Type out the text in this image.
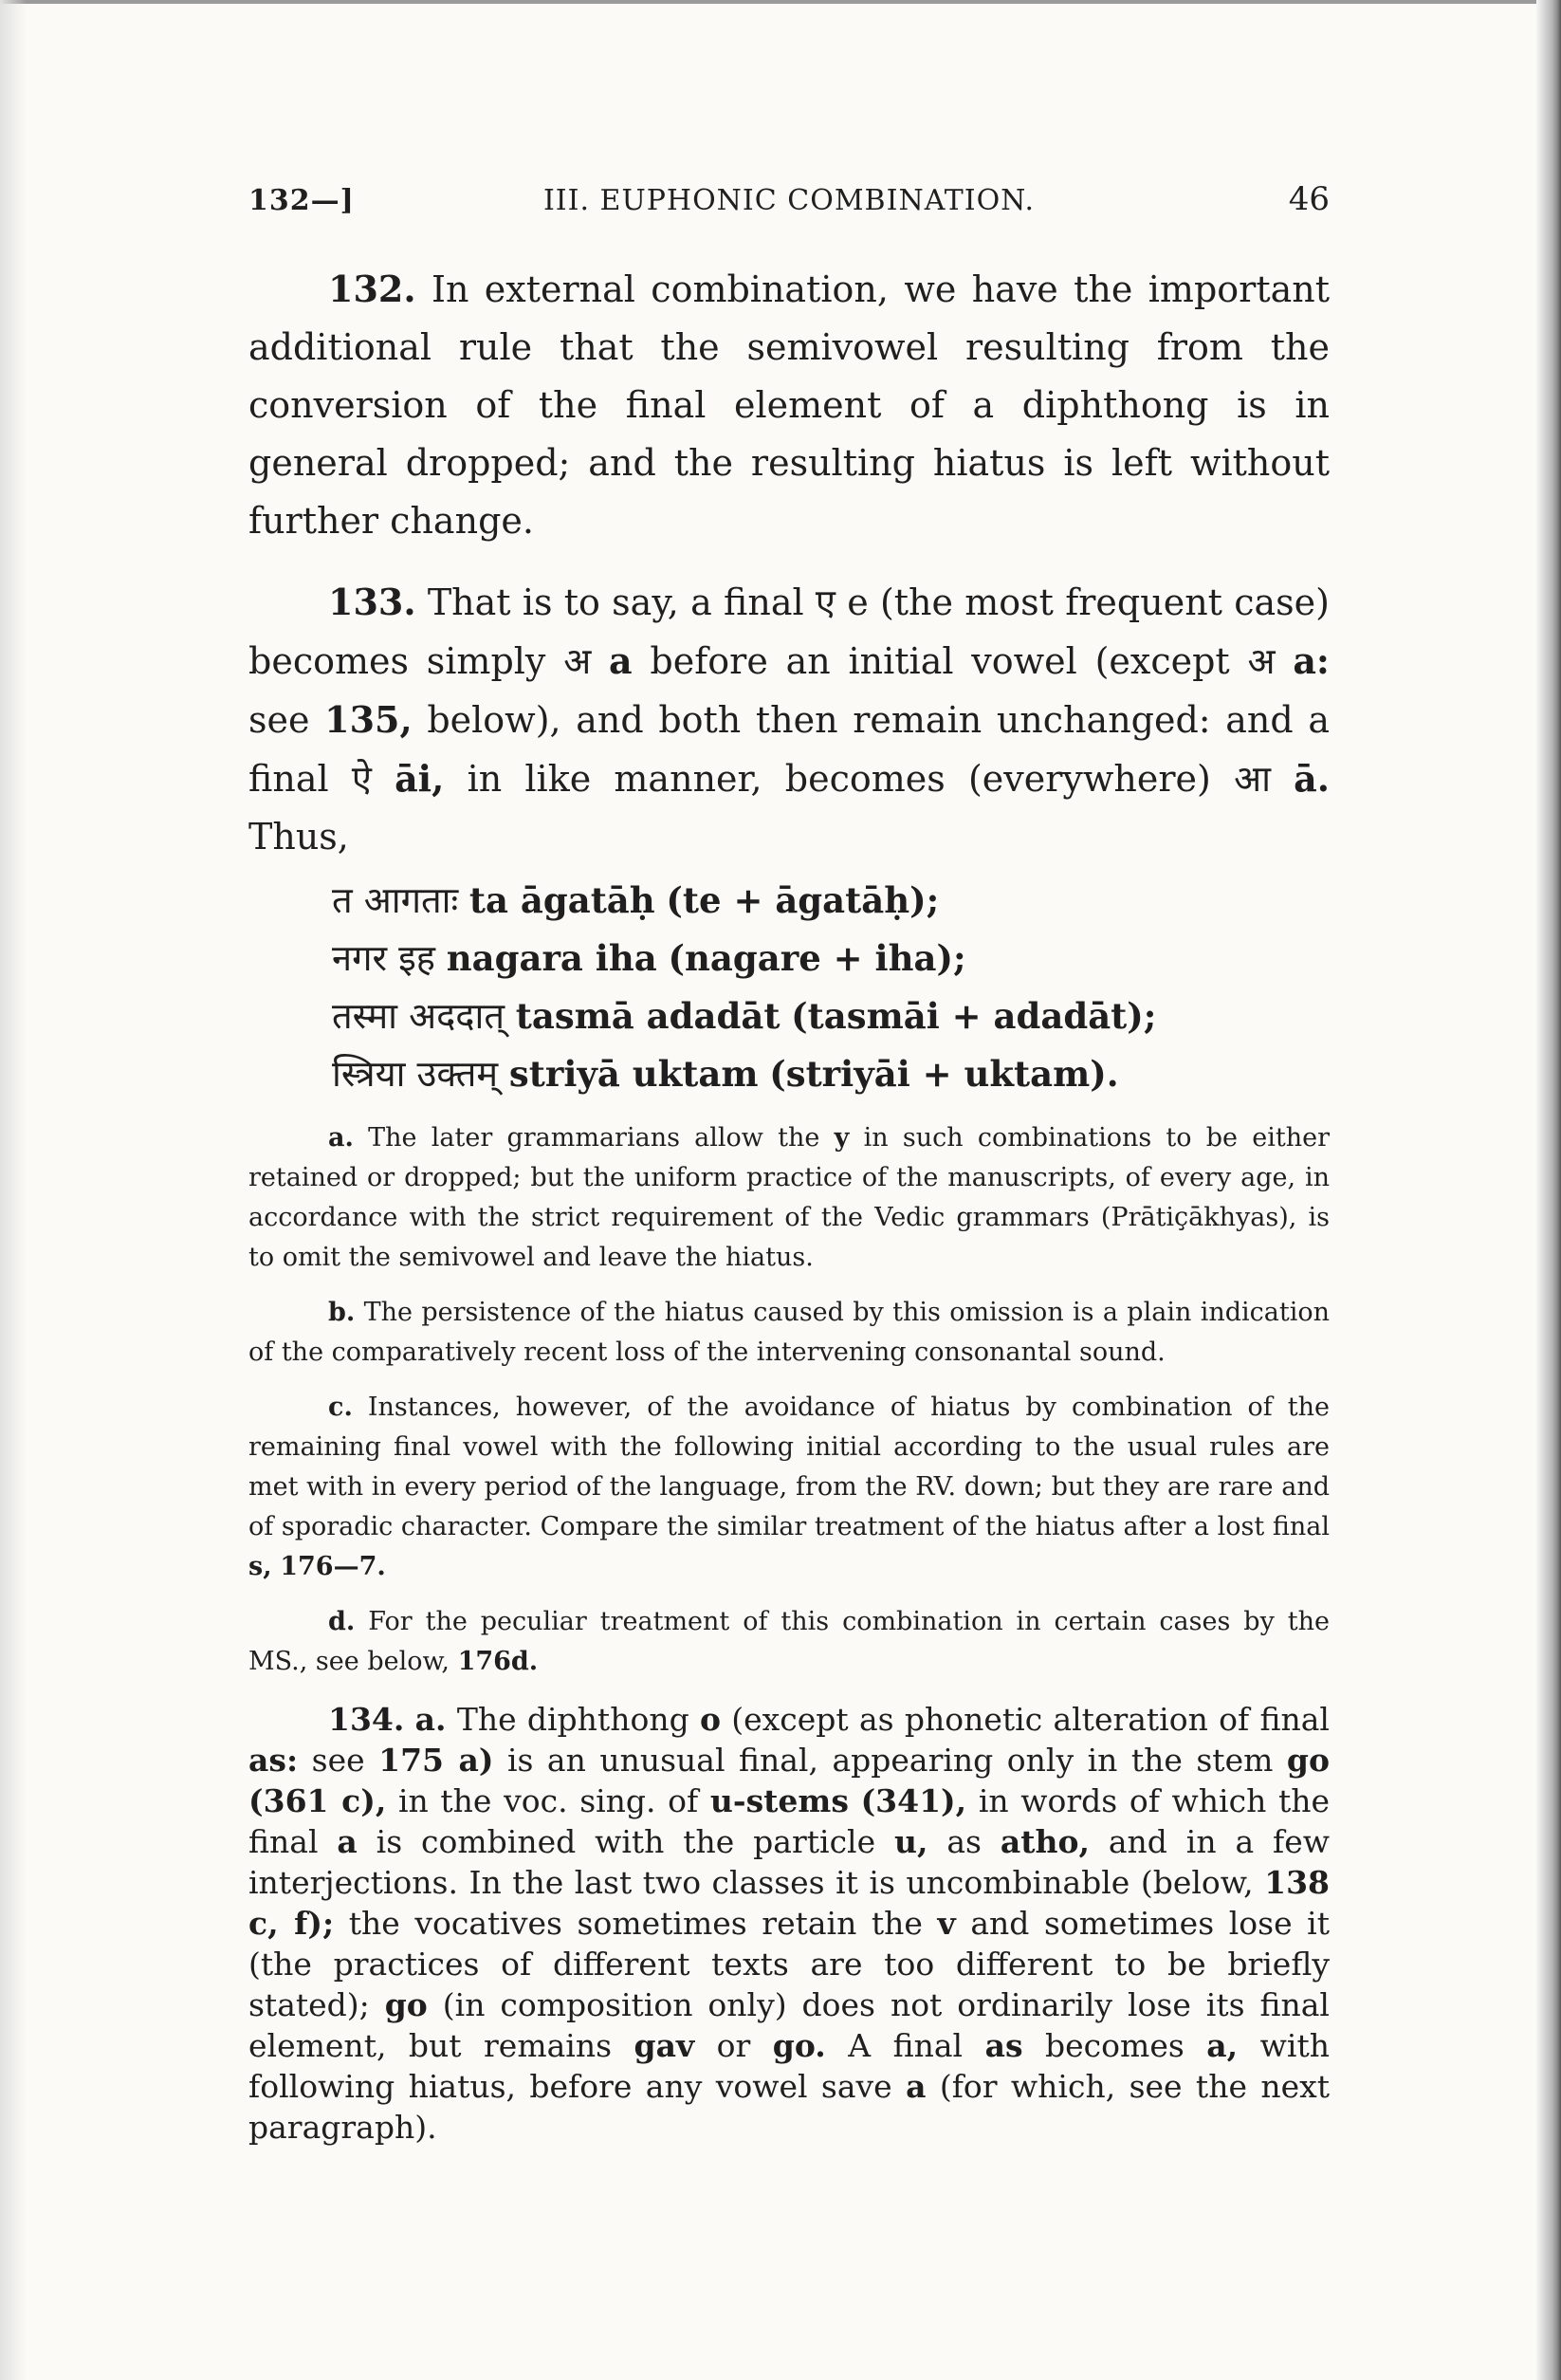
132—]	III. EUPHONIC COMBINATION.	46

132. In external combination, we have the important additional rule that the semivowel resulting from the conversion of the final element of a diphthong is in general dropped; and the resulting hiatus is left without further change.

133. That is to say, a final ए e (the most frequent case) becomes simply अ a before an initial vowel (except अ a: see 135, below), and both then remain unchanged: and a final ऐ āi, in like manner, becomes (everywhere) आ ā. Thus,

त आगताः ta āgatāḥ (te + āgatāḥ);
नगर इह nagara iha (nagare + iha);
तस्मा अददात् tasmā adadāt (tasmāi + adadāt);
स्त्रिया उक्तम् striyā uktam (striyāi + uktam).

a. The later grammarians allow the y in such combinations to be either retained or dropped; but the uniform practice of the manuscripts, of every age, in accordance with the strict requirement of the Vedic grammars (Prātiçākhyas), is to omit the semivowel and leave the hiatus.

b. The persistence of the hiatus caused by this omission is a plain indication of the comparatively recent loss of the intervening consonantal sound.

c. Instances, however, of the avoidance of hiatus by combination of the remaining final vowel with the following initial according to the usual rules are met with in every period of the language, from the RV. down; but they are rare and of sporadic character. Compare the similar treatment of the hiatus after a lost final s, 176—7.

d. For the peculiar treatment of this combination in certain cases by the MS., see below, 176d.

134. a. The diphthong o (except as phonetic alteration of final as: see 175 a) is an unusual final, appearing only in the stem go (361 c), in the voc. sing. of u-stems (341), in words of which the final a is combined with the particle u, as atho, and in a few interjections. In the last two classes it is uncombinable (below, 138 c, f); the vocatives sometimes retain the v and sometimes lose it (the practices of different texts are too different to be briefly stated); go (in composition only) does not ordinarily lose its final element, but remains gav or go. A final as becomes a, with following hiatus, before any vowel save a (for which, see the next paragraph).
